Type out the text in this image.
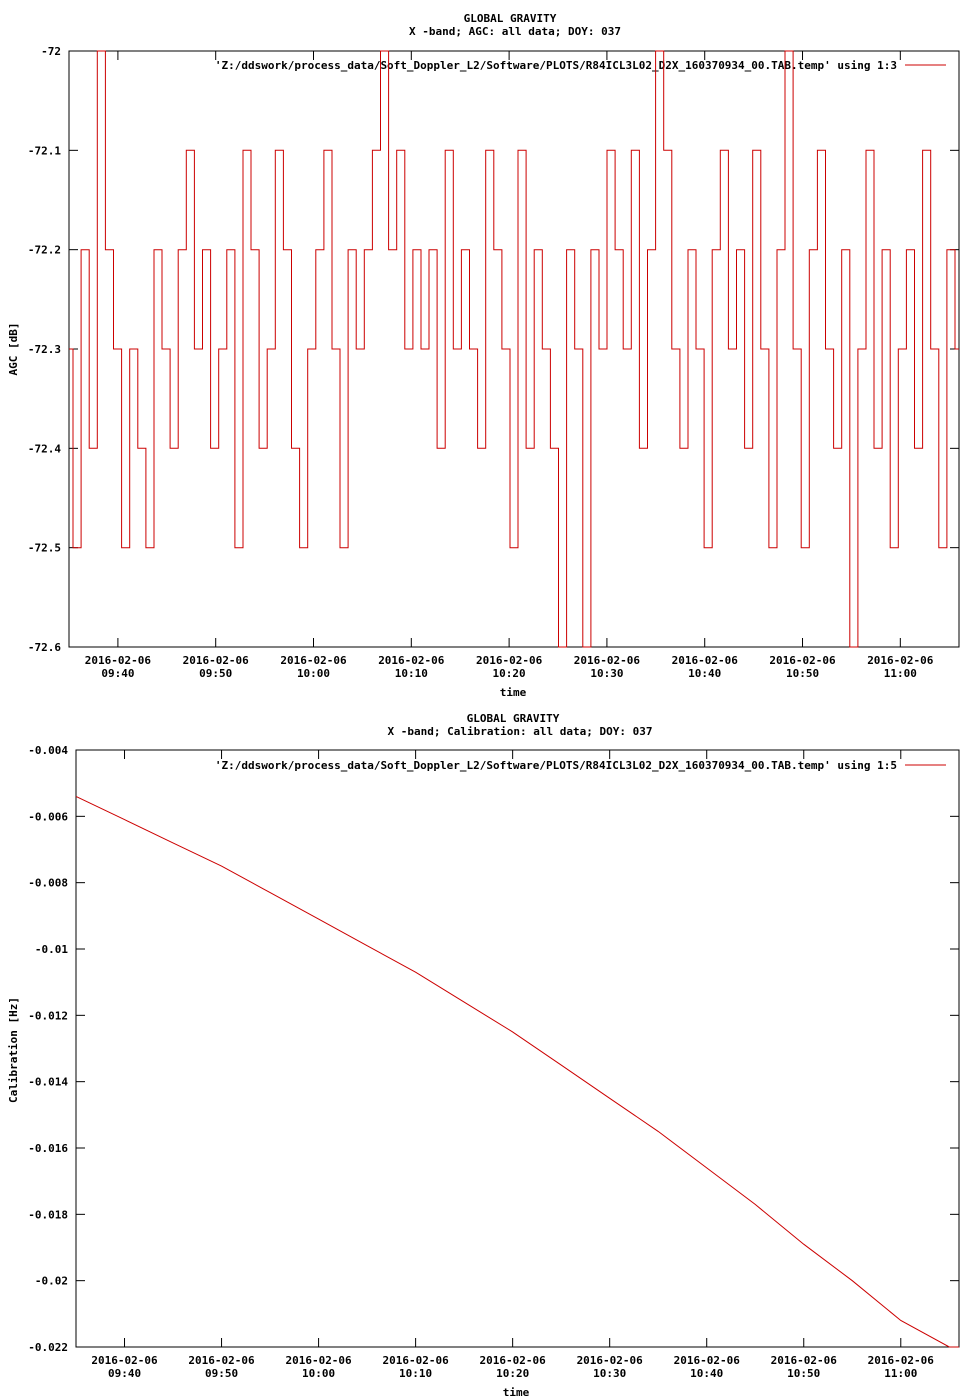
GLOBAL GRAVITY
X -band; AGC: all data; DOY: 037
'Z:/ddswork/process_data/Soft_Doppler_L2/Software/PLOTS/R84ICL3L02_D2X_160370934_00.TAB.temp' using 1:3
AGC [dB]
time
-72
-72.1
-72.2
-72.3
-72.4
-72.5
-72.6
2016-02-06
09:40
2016-02-06
09:50
2016-02-06
10:00
2016-02-06
10:10
2016-02-06
10:20
2016-02-06
10:30
2016-02-06
10:40
2016-02-06
10:50
2016-02-06
11:00
GLOBAL GRAVITY
X -band; Calibration: all data; DOY: 037
'Z:/ddswork/process_data/Soft_Doppler_L2/Software/PLOTS/R84ICL3L02_D2X_160370934_00.TAB.temp' using 1:5
Calibration [Hz]
time
-0.004
-0.006
-0.008
-0.01
-0.012
-0.014
-0.016
-0.018
-0.02
-0.022
2016-02-06
09:40
2016-02-06
09:50
2016-02-06
10:00
2016-02-06
10:10
2016-02-06
10:20
2016-02-06
10:30
2016-02-06
10:40
2016-02-06
10:50
2016-02-06
11:00
